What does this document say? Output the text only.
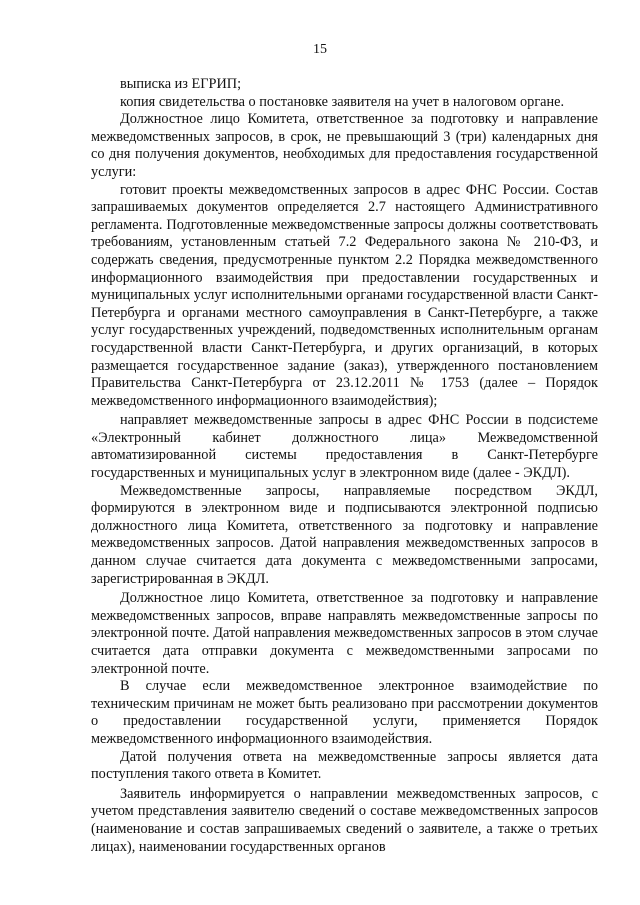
15

выписка из ЕГРИП;

копия свидетельства о постановке заявителя на учет в налоговом органе.

Должностное лицо Комитета, ответственное за подготовку и направление межведомственных запросов, в срок, не превышающий 3 (три) календарных дня со дня получения документов, необходимых для предоставления государственной услуги:

готовит проекты межведомственных запросов в адрес ФНС России. Состав запрашиваемых документов определяется 2.7 настоящего Административного регламента. Подготовленные межведомственные запросы должны соответствовать требованиям, установленным статьей 7.2 Федерального закона № 210-ФЗ, и содержать сведения, предусмотренные пунктом 2.2 Порядка межведомственного информационного взаимодействия при предоставлении государственных и муниципальных услуг исполнительными органами государственной власти Санкт-Петербурга и органами местного самоуправления в Санкт-Петербурге, а также услуг государственных учреждений, подведомственных исполнительным органам государственной власти Санкт-Петербурга, и других организаций, в которых размещается государственное задание (заказ), утвержденного постановлением Правительства Санкт-Петербурга от 23.12.2011 № 1753 (далее – Порядок межведомственного информационного взаимодействия);

направляет межведомственные запросы в адрес ФНС России в подсистеме «Электронный кабинет должностного лица» Межведомственной автоматизированной системы предоставления в Санкт-Петербурге государственных и муниципальных услуг в электронном виде (далее - ЭКДЛ).

Межведомственные запросы, направляемые посредством ЭКДЛ, формируются в электронном виде и подписываются электронной подписью должностного лица Комитета, ответственного за подготовку и направление межведомственных запросов. Датой направления межведомственных запросов в данном случае считается дата документа с межведомственными запросами, зарегистрированная в ЭКДЛ.

Должностное лицо Комитета, ответственное за подготовку и направление межведомственных запросов, вправе направлять межведомственные запросы по электронной почте. Датой направления межведомственных запросов в этом случае считается дата отправки документа с межведомственными запросами по электронной почте.

В случае если межведомственное электронное взаимодействие по техническим причинам не может быть реализовано при рассмотрении документов о предоставлении государственной услуги, применяется Порядок межведомственного информационного взаимодействия.

Датой получения ответа на межведомственные запросы является дата поступления такого ответа в Комитет.

Заявитель информируется о направлении межведомственных запросов, с учетом представления заявителю сведений о составе межведомственных запросов (наименование и состав запрашиваемых сведений о заявителе, а также о третьих лицах), наименовании государственных органов
